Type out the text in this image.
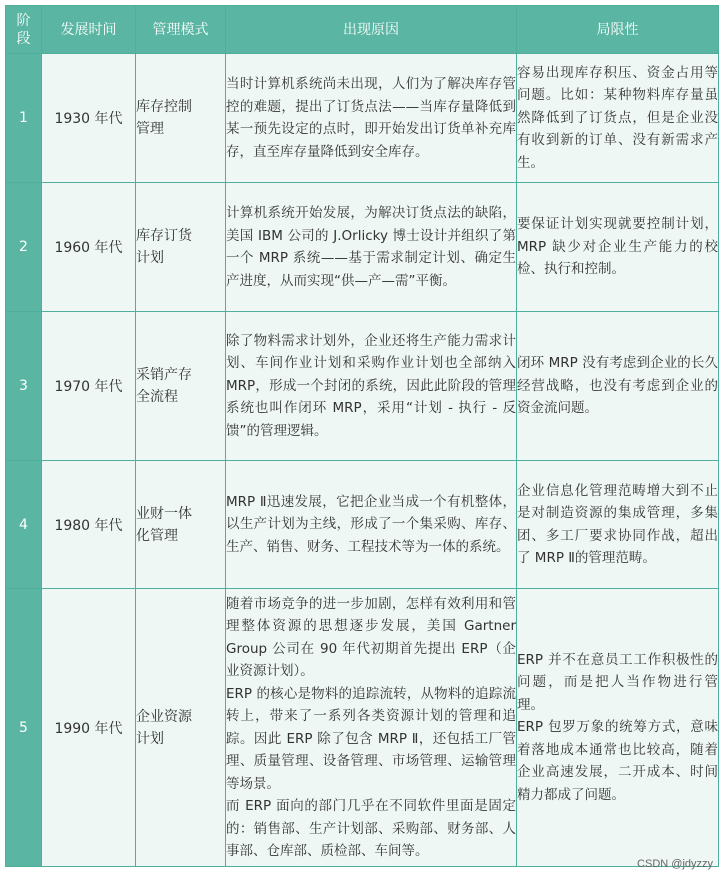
阶段	发展时间	管理模式	出现原因	局限性
1	1930 年代	库存控制管理	当时计算机系统尚未出现，人们为了解决库存管控的难题，提出了订货点法——当库存量降低到某一预先设定的点时，即开始发出订货单补充库存，直至库存量降低到安全库存。	容易出现库存积压、资金占用等问题。比如：某种物料库存量虽然降低到了订货点，但是企业没有收到新的订单、没有新需求产生。

2	1960 年代	库存订货计划	计算机系统开始发展，为解决订货点法的缺陷，美国 IBM 公司的 J.Orlicky 博士设计并组织了第一个 MRP 系统——基于需求制定计划、确定生产进度，从而实现“供—产—需”平衡。	要保证计划实现就要控制计划，MRP 缺少对企业生产能力的校检、执行和控制。

3	1970 年代	采销产存全流程	除了物料需求计划外，企业还将生产能力需求计划、车间作业计划和采购作业计划也全部纳入 MRP，形成一个封闭的系统，因此此阶段的管理系统也叫作闭环 MRP，采用“计划 - 执行 - 反馈”的管理逻辑。	闭环 MRP 没有考虑到企业的长久经营战略，也没有考虑到企业的资金流问题。

4	1980 年代	业财一体化管理	MRP Ⅱ迅速发展，它把企业当成一个有机整体，以生产计划为主线，形成了一个集采购、库存、生产、销售、财务、工程技术等为一体的系统。	企业信息化管理范畴增大到不止是对制造资源的集成管理，多集团、多工厂要求协同作战，超出了 MRP Ⅱ的管理范畴。

5	1990 年代	企业资源计划	随着市场竞争的进一步加剧，怎样有效利用和管理整体资源的思想逐步发展，美国 Gartner Group 公司在 90 年代初期首先提出 ERP（企业资源计划）。
ERP 的核心是物料的追踪流转，从物料的追踪流转上，带来了一系列各类资源计划的管理和追踪。因此 ERP 除了包含 MRP Ⅱ，还包括工厂管理、质量管理、设备管理、市场管理、运输管理等场景。
而 ERP 面向的部门几乎在不同软件里面是固定的：销售部、生产计划部、采购部、财务部、人事部、仓库部、质检部、车间等。	ERP 并不在意员工工作积极性的问题，而是把人当作物进行管理。
ERP 包罗万象的统筹方式，意味着落地成本通常也比较高，随着企业高速发展，二开成本、时间精力都成了问题。
CSDN @jdyzzy
